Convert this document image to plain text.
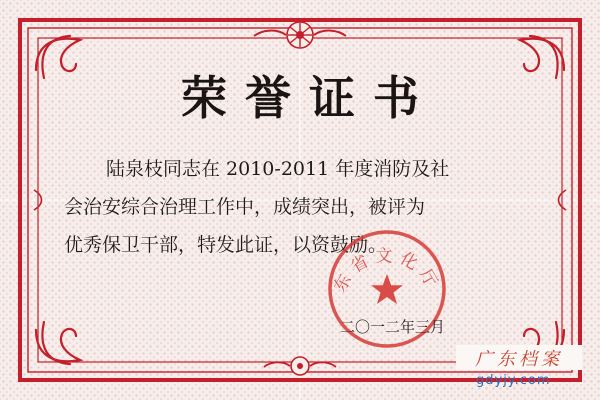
荣誉证书
陆泉枝同志在 2010-2011 年度消防及社
会治安综合治理工作中，成绩突出，被评为
优秀保卫干部，特发此证，以资鼓励。
东省文化厅
二〇一二年三月
广东档案
gdyjy.com
